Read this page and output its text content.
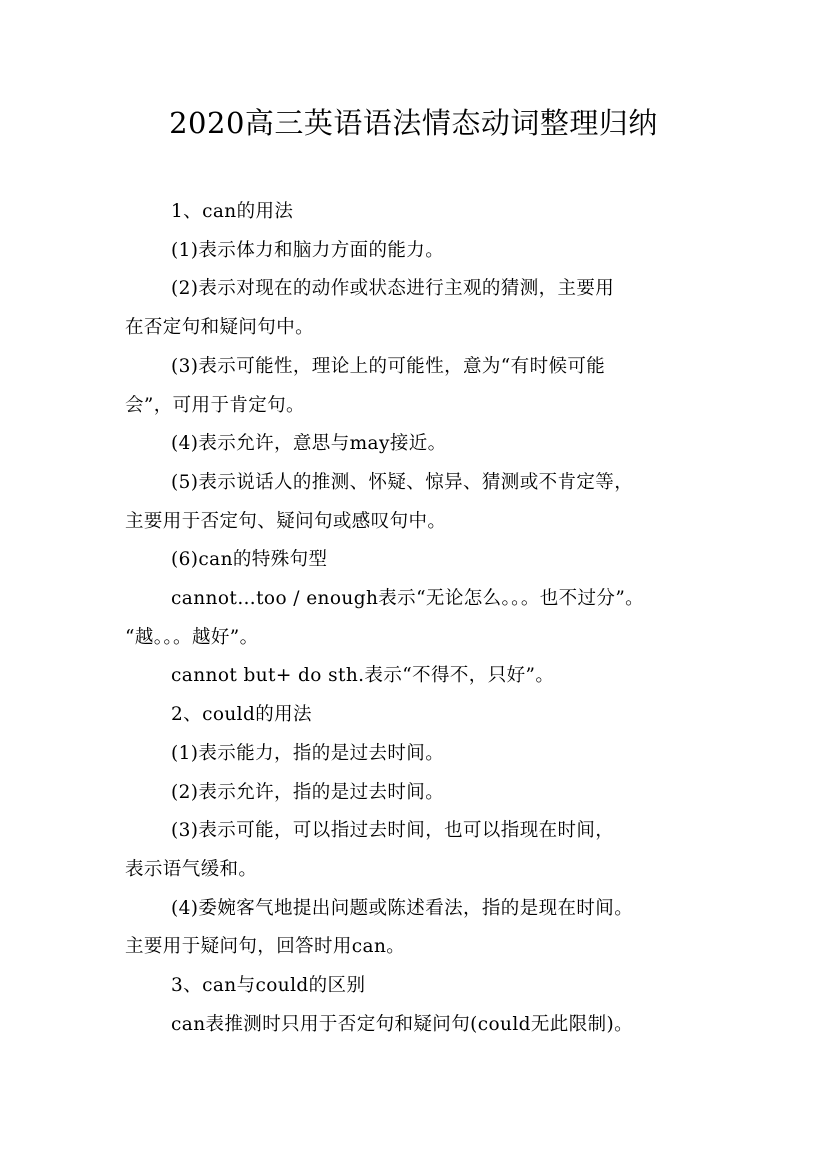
2020高三英语语法情态动词整理归纳
1、can的用法
(1)表示体力和脑力方面的能力。
(2)表示对现在的动作或状态进行主观的猜测，主要用
在否定句和疑问句中。
(3)表示可能性，理论上的可能性，意为“有时候可能
会”，可用于肯定句。
(4)表示允许，意思与may接近。
(5)表示说话人的推测、怀疑、惊异、猜测或不肯定等，
主要用于否定句、疑问句或感叹句中。
(6)can的特殊句型
cannot…too / enough表示“无论怎么。。。也不过分”。
“越。。。越好”。
cannot but+ do sth.表示“不得不，只好”。
2、could的用法
(1)表示能力，指的是过去时间。
(2)表示允许，指的是过去时间。
(3)表示可能，可以指过去时间，也可以指现在时间，
表示语气缓和。
(4)委婉客气地提出问题或陈述看法，指的是现在时间。
主要用于疑问句，回答时用can。
3、can与could的区别
can表推测时只用于否定句和疑问句(could无此限制)。
